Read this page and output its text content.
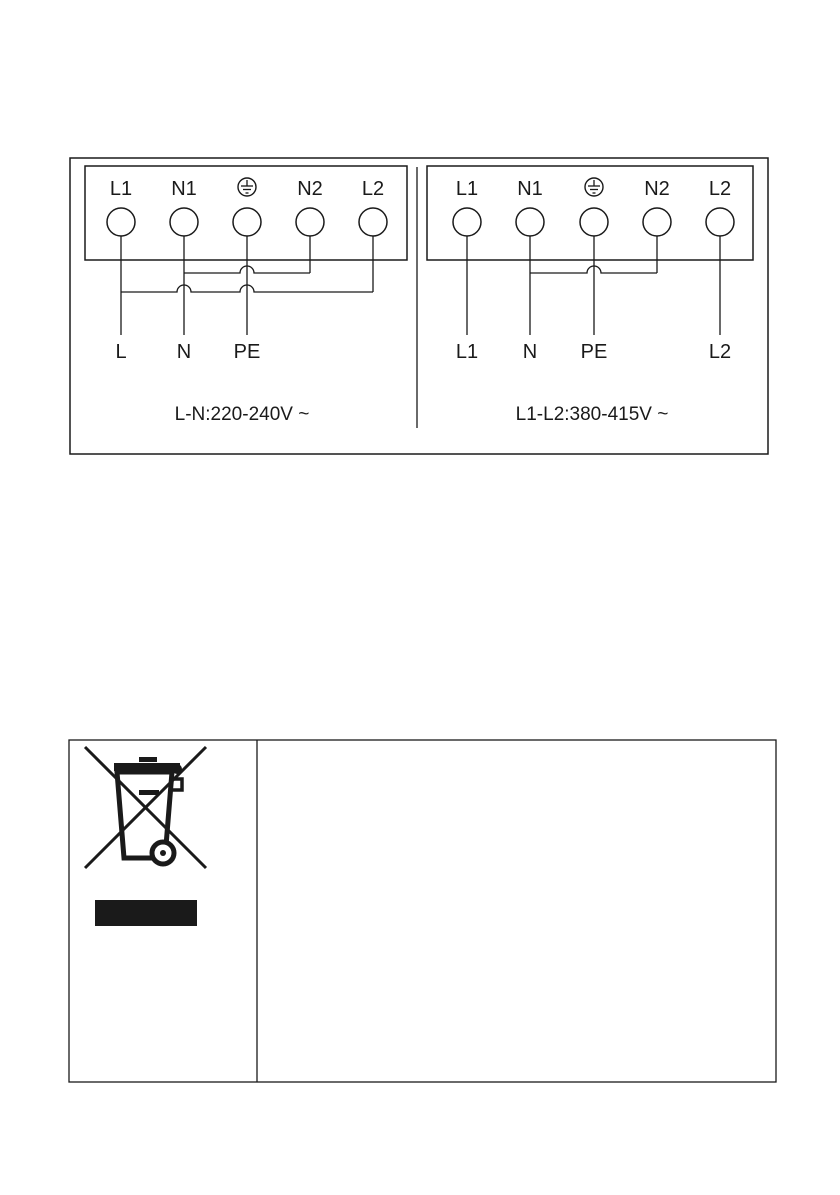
L1 N1	N2 L2
L	N PE
L-N:220-240V ~
L1 N1	N2 L2
L1 N PE	L2
L1-L2:380-415V ~
